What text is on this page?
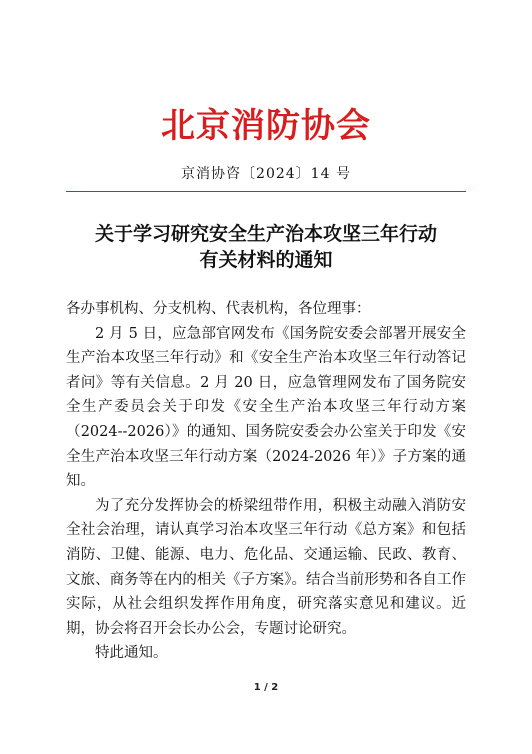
北京消防协会
京消协咨〔2024〕14 号
关于学习研究安全生产治本攻坚三年行动
有关材料的通知

各办事机构、分支机构、代表机构，各位理事：

2 月 5 日，应急部官网发布《国务院安委会部署开展安全生产治本攻坚三年行动》和《安全生产治本攻坚三年行动答记者问》等有关信息。2 月 20 日，应急管理网发布了国务院安全生产委员会关于印发《安全生产治本攻坚三年行动方案（2024--2026）》的通知、国务院安委会办公室关于印发《安全生产治本攻坚三年行动方案（2024-2026 年）》子方案的通知。

为了充分发挥协会的桥梁纽带作用，积极主动融入消防安全社会治理，请认真学习治本攻坚三年行动《总方案》和包括消防、卫健、能源、电力、危化品、交通运输、民政、教育、文旅、商务等在内的相关《子方案》。结合当前形势和各自工作实际，从社会组织发挥作用角度，研究落实意见和建议。近期，协会将召开会长办公会，专题讨论研究。

特此通知。

1 / 2
